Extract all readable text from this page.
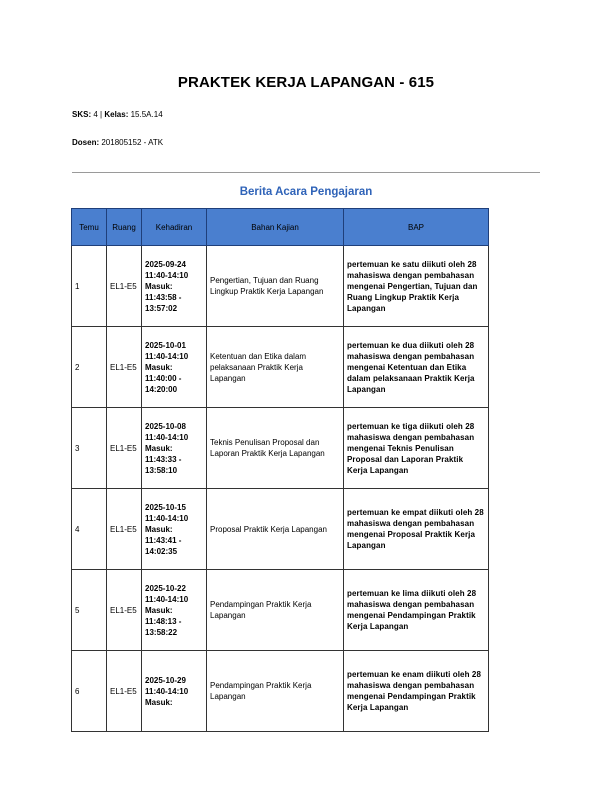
PRAKTEK KERJA LAPANGAN - 615
SKS: 4 | Kelas: 15.5A.14
Dosen: 201805152 - ATK
Berita Acara Pengajaran
Temu	Ruang	Kehadiran	Bahan Kajian	BAP
1	EL1-E5	2025-09-24
11:40-14:10
Masuk:
11:43:58 -
13:57:02	Pengertian, Tujuan dan Ruang Lingkup Praktik Kerja Lapangan	pertemuan ke satu diikuti oleh 28 mahasiswa dengan pembahasan mengenai Pengertian, Tujuan dan Ruang Lingkup Praktik Kerja Lapangan
2	EL1-E5	2025-10-01
11:40-14:10
Masuk:
11:40:00 -
14:20:00	Ketentuan dan Etika dalam pelaksanaan Praktik Kerja Lapangan	pertemuan ke dua diikuti oleh 28 mahasiswa dengan pembahasan mengenai Ketentuan dan Etika dalam pelaksanaan Praktik Kerja Lapangan
3	EL1-E5	2025-10-08
11:40-14:10
Masuk:
11:43:33 -
13:58:10	Teknis Penulisan Proposal dan Laporan Praktik Kerja Lapangan	pertemuan ke tiga diikuti oleh 28 mahasiswa dengan pembahasan mengenai Teknis Penulisan Proposal dan Laporan Praktik Kerja Lapangan
4	EL1-E5	2025-10-15
11:40-14:10
Masuk:
11:43:41 -
14:02:35	Proposal Praktik Kerja Lapangan	pertemuan ke empat diikuti oleh 28 mahasiswa dengan pembahasan mengenai Proposal Praktik Kerja Lapangan
5	EL1-E5	2025-10-22
11:40-14:10
Masuk:
11:48:13 -
13:58:22	Pendampingan Praktik Kerja Lapangan	pertemuan ke lima diikuti oleh 28 mahasiswa dengan pembahasan mengenai Pendampingan Praktik Kerja Lapangan
6	EL1-E5	2025-10-29
11:40-14:10
Masuk:	Pendampingan Praktik Kerja Lapangan	pertemuan ke enam diikuti oleh 28 mahasiswa dengan pembahasan mengenai Pendampingan Praktik Kerja Lapangan
